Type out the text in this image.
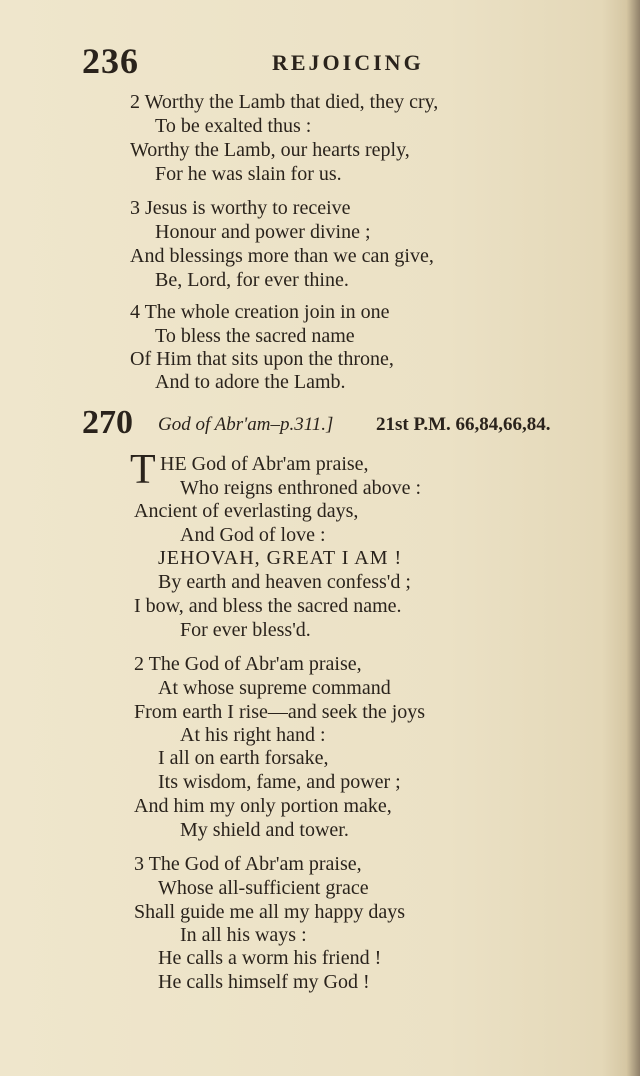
236	REJOICING
2 Worthy the Lamb that died, they cry,
To be exalted thus :
Worthy the Lamb, our hearts reply,
For he was slain for us.
3 Jesus is worthy to receive
Honour and power divine ;
And blessings more than we can give,
Be, Lord, for ever thine.
4 The whole creation join in one
To bless the sacred name
Of Him that sits upon the throne,
And to adore the Lamb.
270 God of Abr'am–p.311.] 21st P.M. 66,84,66,84.
T HE God of Abr'am praise,
Who reigns enthroned above :
Ancient of everlasting days,
And God of love :
JEHOVAH, GREAT I AM !
By earth and heaven confess'd ;
I bow, and bless the sacred name.
For ever bless'd.
2 The God of Abr'am praise,
At whose supreme command
From earth I rise—and seek the joys
At his right hand :
I all on earth forsake,
Its wisdom, fame, and power ;
And him my only portion make,
My shield and tower.
3 The God of Abr'am praise,
Whose all-sufficient grace
Shall guide me all my happy days
In all his ways :
He calls a worm his friend !
He calls himself my God !
